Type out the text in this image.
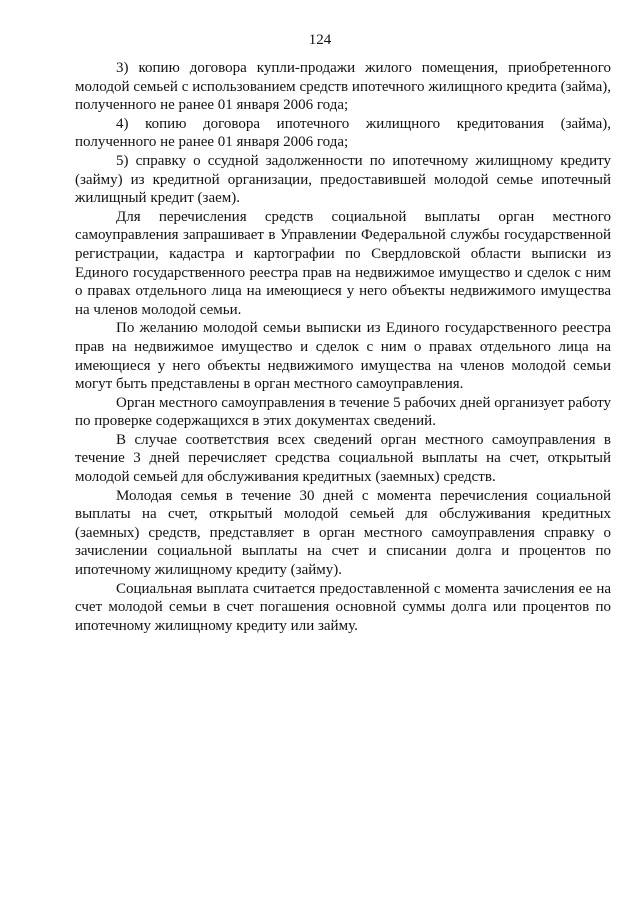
124

3) копию договора купли-продажи жилого помещения, приобретенного молодой семьей с использованием средств ипотечного жилищного кредита (займа), полученного не ранее 01 января 2006 года;

4) копию договора ипотечного жилищного кредитования (займа), полученного не ранее 01 января 2006 года;

5) справку о ссудной задолженности по ипотечному жилищному кредиту (займу) из кредитной организации, предоставившей молодой семье ипотечный жилищный кредит (заем).

Для перечисления средств социальной выплаты орган местного самоуправления запрашивает в Управлении Федеральной службы государственной регистрации, кадастра и картографии по Свердловской области выписки из Единого государственного реестра прав на недвижимое имущество и сделок с ним о правах отдельного лица на имеющиеся у него объекты недвижимого имущества на членов молодой семьи.

По желанию молодой семьи выписки из Единого государственного реестра прав на недвижимое имущество и сделок с ним о правах отдельного лица на имеющиеся у него объекты недвижимого имущества на членов молодой семьи могут быть представлены в орган местного самоуправления.

Орган местного самоуправления в течение 5 рабочих дней организует работу по проверке содержащихся в этих документах сведений.

В случае соответствия всех сведений орган местного самоуправления в течение 3 дней перечисляет средства социальной выплаты на счет, открытый молодой семьей для обслуживания кредитных (заемных) средств.

Молодая семья в течение 30 дней с момента перечисления социальной выплаты на счет, открытый молодой семьей для обслуживания кредитных (заемных) средств, представляет в орган местного самоуправления справку о зачислении социальной выплаты на счет и списании долга и процентов по ипотечному жилищному кредиту (займу).

Социальная выплата считается предоставленной с момента зачисления ее на счет молодой семьи в счет погашения основной суммы долга или процентов по ипотечному жилищному кредиту или займу.
